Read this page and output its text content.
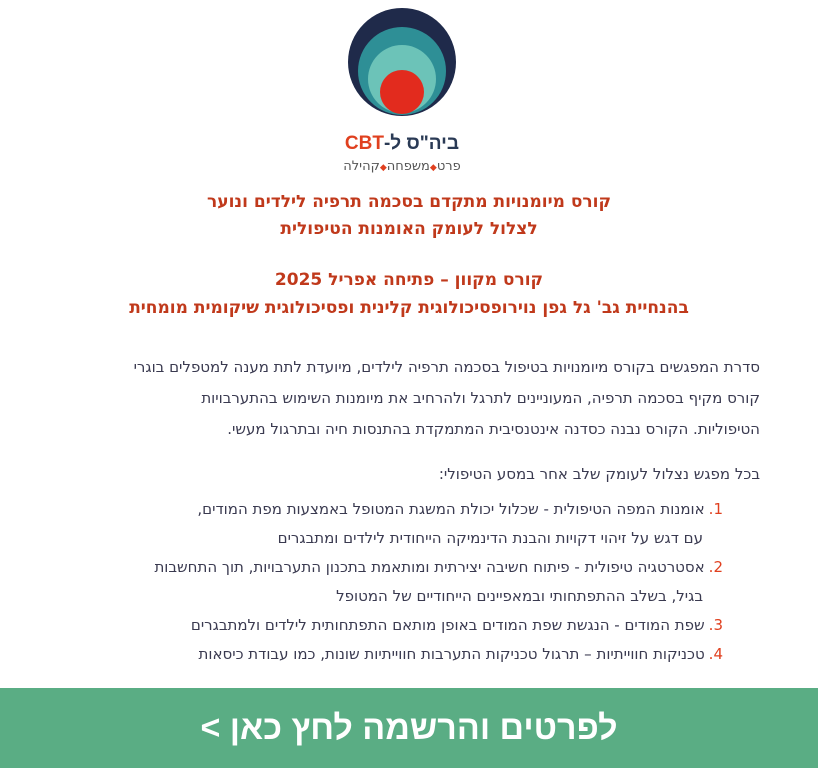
ביה"ס ל-CBT
פרט◆משפחה◆קהילה

קורס מיומנויות מתקדם בסכמה תרפיה לילדים ונוער

לצלול לעומק האומנות הטיפולית

קורס מקוון – פתיחה אפריל 2025

בהנחיית גב' גל גפן נוירופסיכולוגית קלינית ופסיכולוגית שיקומית מומחית

סדרת המפגשים בקורס מיומנויות בטיפול בסכמה תרפיה לילדים, מיועדת לתת מענה למטפלים בוגרי
קורס מקיף בסכמה תרפיה, המעוניינים לתרגל ולהרחיב את מיומנות השימוש בהתערבויות
הטיפוליות. הקורס נבנה כסדנה אינטנסיבית המתמקדת בהתנסות חיה ובתרגול מעשי.

בכל מפגש נצלול לעומק שלב אחר במסע הטיפולי:

1.אומנות המפה הטיפולית - שכלול יכולת המשגת המטופל באמצעות מפת המודים,
עם דגש על זיהוי דקויות והבנת הדינמיקה הייחודית לילדים ומתבגרים
2.אסטרטגיה טיפולית - פיתוח חשיבה יצירתית ומותאמת בתכנון התערבויות, תוך התחשבות
בגיל, בשלב ההתפתחותי ובמאפיינים הייחודיים של המטופל
3.שפת המודים - הנגשת שפת המודים באופן מותאם התפתחותית לילדים ולמתבגרים
4.טכניקות חווייתיות – תרגול טכניקות התערבות חווייתיות שונות, כמו עבודת כיסאות
לפרטים והרשמה לחץ כאן >
